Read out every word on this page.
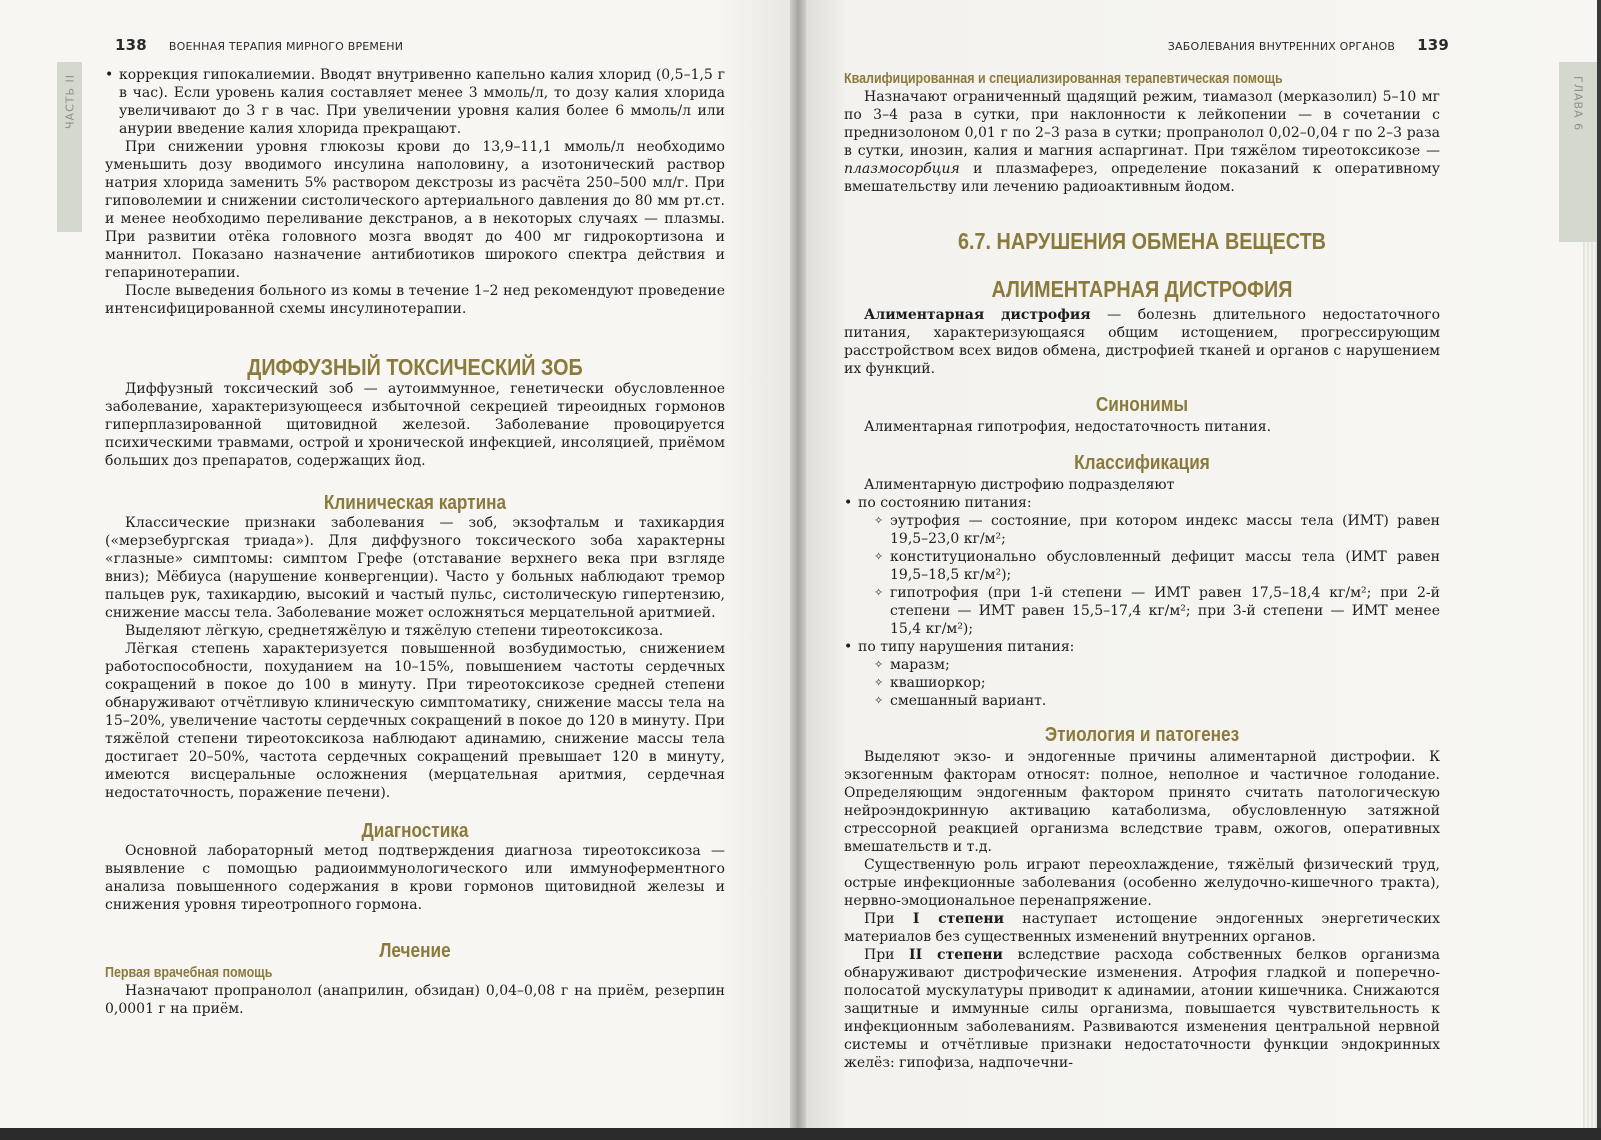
ЧАСТЬ II
138 ВОЕННАЯ ТЕРАПИЯ МИРНОГО ВРЕМЕНИ
• коррекция гипокалиемии. Вводят внутривенно капельно калия хлорид (0,5–1,5 г в час). Если уровень калия составляет менее 3 ммоль/л, то дозу калия хлорида увеличивают до 3 г в час. При увеличении уровня калия более 6 ммоль/л или анурии введение калия хлорида прекращают.

При снижении уровня глюкозы крови до 13,9–11,1 ммоль/л необходимо уменьшить дозу вводимого инсулина наполовину, а изотонический раствор натрия хлорида заменить 5% раствором декстрозы из расчёта 250–500 мл/г. При гиповолемии и снижении систолического артериального давления до 80 мм рт.ст. и менее необходимо переливание декстранов, а в некоторых случаях — плазмы. При развитии отёка головного мозга вводят до 400 мг гидрокортизона и маннитол. Показано назначение антибиотиков широкого спектра действия и гепаринотерапии.

После выведения больного из комы в течение 1–2 нед рекомендуют проведение интенсифицированной схемы инсулинотерапии.

ДИФФУЗНЫЙ ТОКСИЧЕСКИЙ ЗОБ

Диффузный токсический зоб — аутоиммунное, генетически обусловленное заболевание, характеризующееся избыточной секрецией тиреоидных гормонов гиперплазированной щитовидной железой. Заболевание провоцируется психическими травмами, острой и хронической инфекцией, инсоляцией, приёмом больших доз препаратов, содержащих йод.

Клиническая картина

Классические признаки заболевания — зоб, экзофтальм и тахикардия («мерзебургская триада»). Для диффузного токсического зоба характерны «глазные» симптомы: симптом Грефе (отставание верхнего века при взгляде вниз); Мёбиуса (нарушение конвергенции). Часто у больных наблюдают тремор пальцев рук, тахикардию, высокий и частый пульс, систолическую гипертензию, снижение массы тела. Заболевание может осложняться мерцательной аритмией.

Выделяют лёгкую, среднетяжёлую и тяжёлую степени тиреотоксикоза.

Лёгкая степень характеризуется повышенной возбудимостью, снижением работоспособности, похуданием на 10–15%, повышением частоты сердечных сокращений в покое до 100 в минуту. При тиреотоксикозе средней степени обнаруживают отчётливую клиническую симптоматику, снижение массы тела на 15–20%, увеличение частоты сердечных сокращений в покое до 120 в минуту. При тяжёлой степени тиреотоксикоза наблюдают адинамию, снижение массы тела достигает 20–50%, частота сердечных сокращений превышает 120 в минуту, имеются висцеральные осложнения (мерцательная аритмия, сердечная недостаточность, поражение печени).

Диагностика

Основной лабораторный метод подтверждения диагноза тиреотоксикоза — выявление с помощью радиоиммунологического или иммуноферментного анализа повышенного содержания в крови гормонов щитовидной железы и снижения уровня тиреотропного гормона.

Лечение
Первая врачебная помощь

Назначают пропранолол (анаприлин, обзидан) 0,04–0,08 г на приём, резерпин 0,0001 г на приём.

ГЛАВА 6
ЗАБОЛЕВАНИЯ ВНУТРЕННИХ ОРГАНОВ 139
Квалифицированная и специализированная терапевтическая помощь

Назначают ограниченный щадящий режим, тиамазол (мерказолил) 5–10 мг по 3–4 раза в сутки, при наклонности к лейкопении — в сочетании с преднизолоном 0,01 г по 2–3 раза в сутки; пропранолол 0,02–0,04 г по 2–3 раза в сутки, инозин, калия и магния аспаргинат. При тяжёлом тиреотоксикозе — плазмосорбция и плазмаферез, определение показаний к оперативному вмешательству или лечению радиоактивным йодом.

6.7. НАРУШЕНИЯ ОБМЕНА ВЕЩЕСТВ
АЛИМЕНТАРНАЯ ДИСТРОФИЯ

Алиментарная дистрофия — болезнь длительного недостаточного питания, характеризующаяся общим истощением, прогрессирующим расстройством всех видов обмена, дистрофией тканей и органов с нарушением их функций.

Синонимы

Алиментарная гипотрофия, недостаточность питания.

Классификация

Алиментарную дистрофию подразделяют

• по состоянию питания:
✧ эутрофия — состояние, при котором индекс массы тела (ИМТ) равен 19,5–23,0 кг/м²;
✧ конституционально обусловленный дефицит массы тела (ИМТ равен 19,5–18,5 кг/м²);
✧ гипотрофия (при 1-й степени — ИМТ равен 17,5–18,4 кг/м²; при 2-й степени — ИМТ равен 15,5–17,4 кг/м²; при 3-й степени — ИМТ менее 15,4 кг/м²);
• по типу нарушения питания:
✧ маразм;
✧ квашиоркор;
✧ смешанный вариант.
Этиология и патогенез

Выделяют экзо- и эндогенные причины алиментарной дистрофии. К экзогенным факторам относят: полное, неполное и частичное голодание. Определяющим эндогенным фактором принято считать патологическую нейроэндокринную активацию катаболизма, обусловленную затяжной стрессорной реакцией организма вследствие травм, ожогов, оперативных вмешательств и т.д.

Существенную роль играют переохлаждение, тяжёлый физический труд, острые инфекционные заболевания (особенно желудочно-кишечного тракта), нервно-эмоциональное перенапряжение.

При I степени наступает истощение эндогенных энергетических материалов без существенных изменений внутренних органов.

При II степени вследствие расхода собственных белков организма обнаруживают дистрофические изменения. Атрофия гладкой и поперечно-полосатой мускулатуры приводит к адинамии, атонии кишечника. Снижаются защитные и иммунные силы организма, повышается чувствительность к инфекционным заболеваниям. Развиваются изменения центральной нервной системы и отчётливые признаки недостаточности функции эндокринных желёз: гипофиза, надпочечни-
